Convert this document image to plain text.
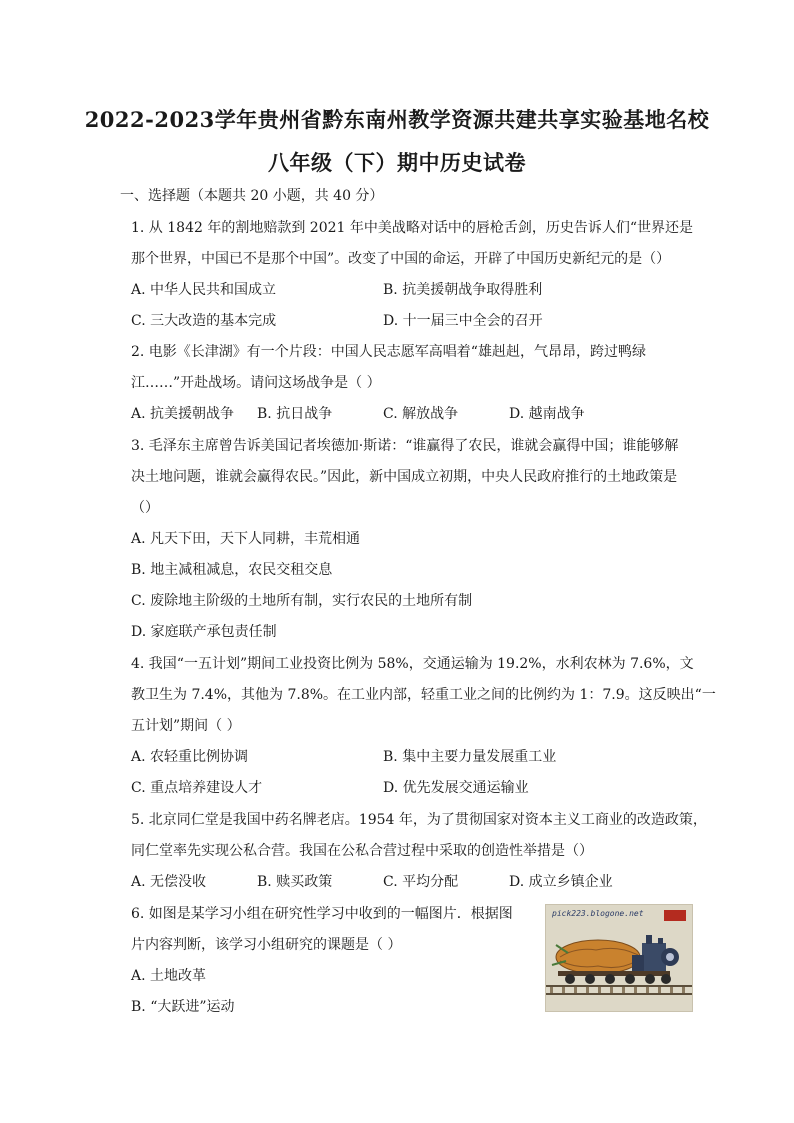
2022-2023学年贵州省黔东南州教学资源共建共享实验基地名校
八年级（下）期中历史试卷
一、选择题（本题共 20 小题，共 40 分）
1. 从 1842 年的割地赔款到 2021 年中美战略对话中的唇枪舌剑，历史告诉人们“世界还是
那个世界，中国已不是那个中国”。改变了中国的命运，开辟了中国历史新纪元的是（）
A. 中华人民共和国成立	B. 抗美援朝战争取得胜利
C. 三大改造的基本完成	D. 十一届三中全会的召开
2. 电影《长津湖》有一个片段：中国人民志愿军高唱着“雄赳赳，气昂昂，跨过鸭绿
江……”开赴战场。请问这场战争是（ ）
A. 抗美援朝战争 B. 抗日战争	C. 解放战争	D. 越南战争
3. 毛泽东主席曾告诉美国记者埃德加·斯诺：“谁赢得了农民，谁就会赢得中国；谁能够解
决土地问题，谁就会赢得农民。”因此，新中国成立初期，中央人民政府推行的土地政策是
（）
A. 凡天下田，天下人同耕，丰荒相通
B. 地主减租减息，农民交租交息
C. 废除地主阶级的土地所有制，实行农民的土地所有制
D. 家庭联产承包责任制
4. 我国“一五计划”期间工业投资比例为 58%，交通运输为 19.2%，水利农林为 7.6%，文
教卫生为 7.4%，其他为 7.8%。在工业内部，轻重工业之间的比例约为 1：7.9。这反映出“一
五计划”期间（ ）
A. 农轻重比例协调	B. 集中主要力量发展重工业
C. 重点培养建设人才	D. 优先发展交通运输业
5. 北京同仁堂是我国中药名牌老店。1954 年，为了贯彻国家对资本主义工商业的改造政策，
同仁堂率先实现公私合营。我国在公私合营过程中采取的创造性举措是（）
A. 无偿没收	B. 赎买政策	C. 平均分配	D. 成立乡镇企业
6. 如图是某学习小组在研究性学习中收到的一幅图片．根据图
片内容判断，该学习小组研究的课题是（ ）
A. 土地改革
B. “大跃进”运动
pick223.blogone.net
